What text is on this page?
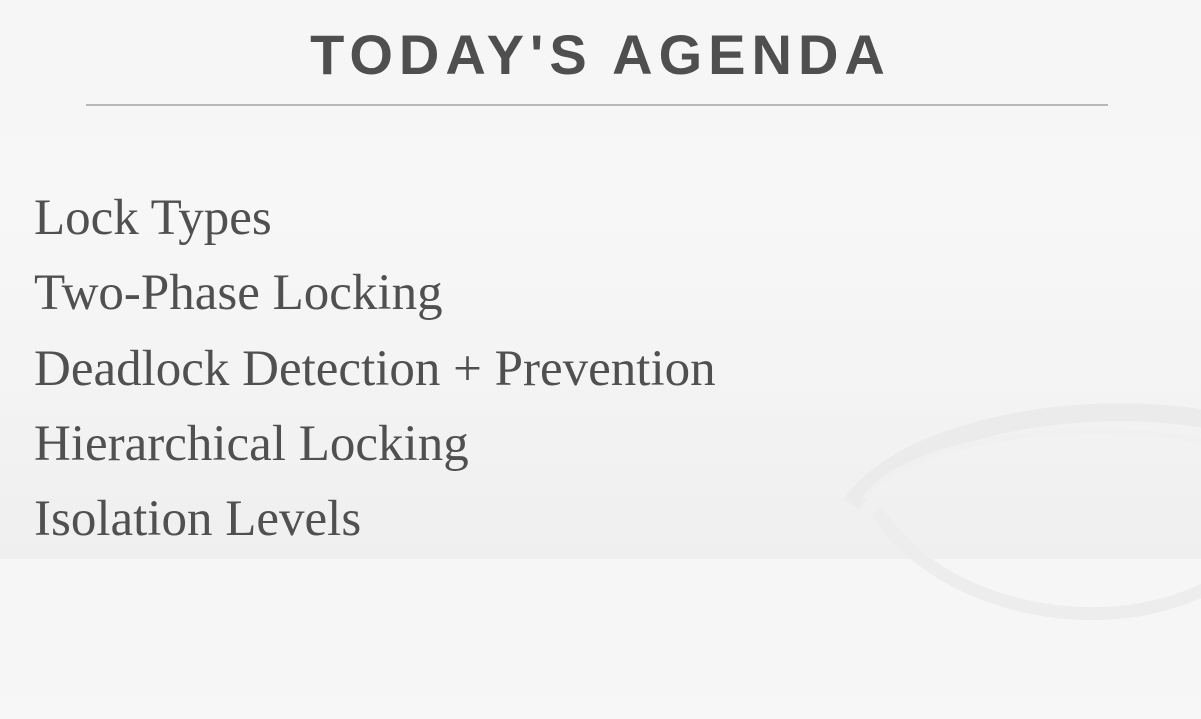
TODAY'S AGENDA
Lock Types
Two-Phase Locking
Deadlock Detection + Prevention
Hierarchical Locking
Isolation Levels
